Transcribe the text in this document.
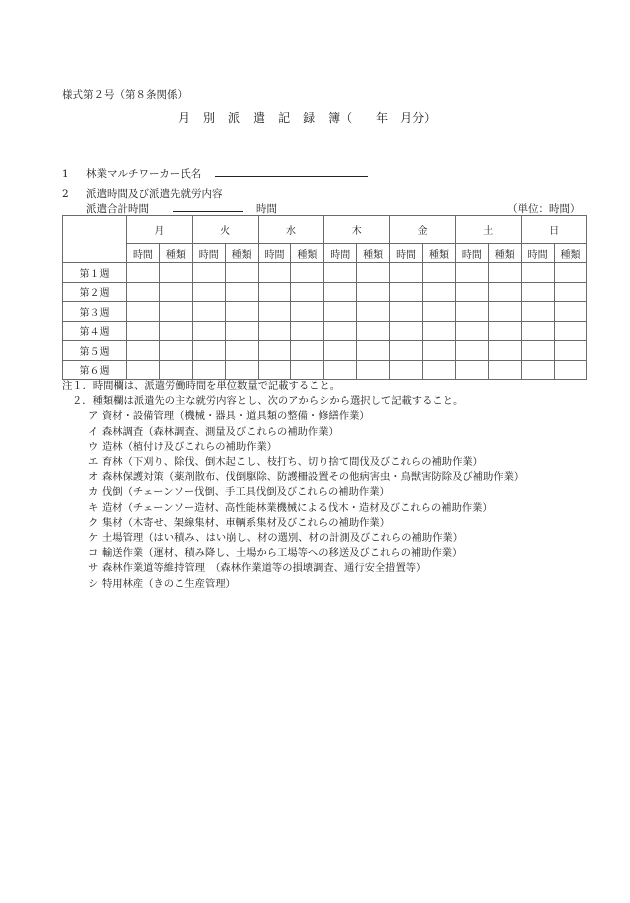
様式第２号（第８条関係）
月 別 派 遣 記 録 簿（　　年　月分）
1 林業マルチワーカー氏名
2 派遣時間及び派遣先就労内容
派遣合計時間	時間	（単位：時間）
	月		火		水		木		金		土		日	
	時間	種類	時間	種類	時間	種類	時間	種類	時間	種類	時間	種類	時間	種類
第１週														
第２週														
第３週														
第４週														
第５週														
第６週														
注１．時間欄は、派遣労働時間を単位数量で記載すること。
２．種類欄は派遣先の主な就労内容とし、次のアからシから選択して記載すること。
ア 資材・設備管理（機械・器具・道具類の整備・修繕作業）
イ 森林調査（森林調査、測量及びこれらの補助作業）
ウ 造林（植付け及びこれらの補助作業）
エ 育林（下刈り、除伐、倒木起こし、枝打ち、切り捨て間伐及びこれらの補助作業）
オ 森林保護対策（薬剤散布、伐倒駆除、防護柵設置その他病害虫・鳥獣害防除及び補助作業）
カ 伐倒（チェーンソー伐倒、手工具伐倒及びこれらの補助作業）
キ 造材（チェーンソー造材、高性能林業機械による伐木・造材及びこれらの補助作業）
ク 集材（木寄せ、架線集材、車輌系集材及びこれらの補助作業）
ケ 土場管理（はい積み、はい崩し、材の選別、材の計測及びこれらの補助作業）
コ 輸送作業（運材、積み降し、土場から工場等への移送及びこれらの補助作業）
サ 森林作業道等維持管理　（森林作業道等の損壊調査、通行安全措置等）
シ 特用林産（きのこ生産管理）
